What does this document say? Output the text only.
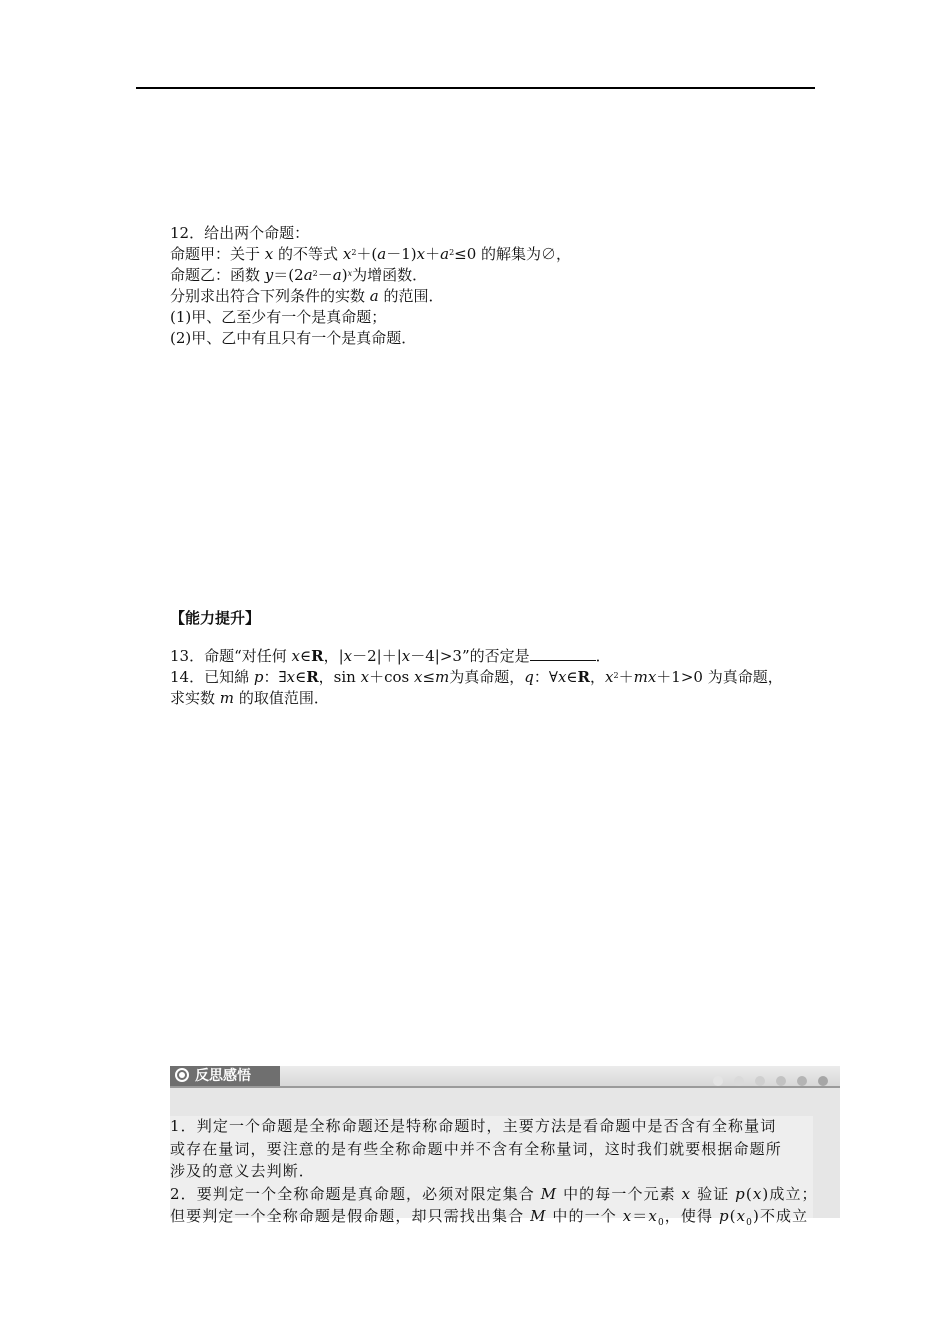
12．给出两个命题：
命题甲：关于 x 的不等式 $x^2+(a-1)x+a^2\le 0$ 的解集为∅，
命题乙：函数 $y=(2a^2-a)^x$为增函数．
分别求出符合下列条件的实数 a 的范围．
(1)甲、乙至少有一个是真命题；
(2)甲、乙中有且只有一个是真命题．
【能力提升】
13．命题“对任何 x∈R，|x－2|＋|x－4|>3”的否定是	．
14．已知綿 p：∃x∈R，sin x＋cos x≤m为真命题，q：∀x∈R，$x^2+mx+1>0$ 为真命题，
求实数 m 的取值范围．
反思感悟
1．判定一个命题是全称命题还是特称命题时，主要方法是看命题中是否含有全称量词
或存在量词，要注意的是有些全称命题中并不含有全称量词，这时我们就要根据命题所
涉及的意义去判断．
2．要判定一个全称命题是真命题，必须对限定集合 M 中的每一个元素 x 验证 p(x)成立；
但要判定一个全称命题是假命题，却只需找出集合 M 中的一个 $x=x_0$，使得 $p(x_0)$不成立
